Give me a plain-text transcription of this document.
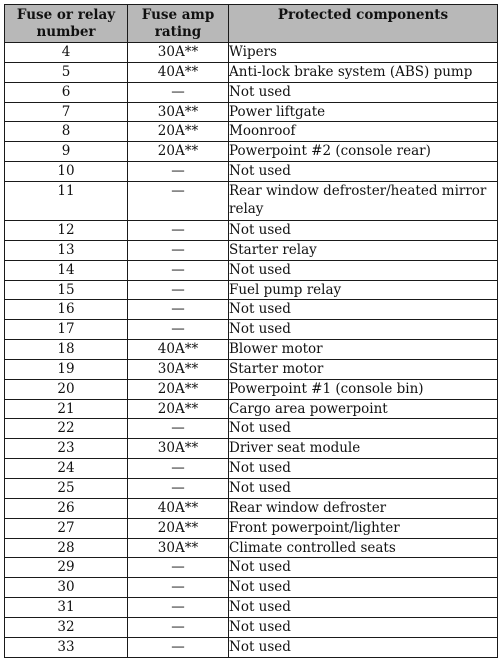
Fuse or relay number	Fuse amp rating	Protected components
4	30A**	Wipers
5	40A**	Anti-lock brake system (ABS) pump
6	—	Not used
7	30A**	Power liftgate
8	20A**	Moonroof
9	20A**	Powerpoint #2 (console rear)
10	—	Not used
11	—	Rear window defroster/heated mirror relay
12	—	Not used
13	—	Starter relay
14	—	Not used
15	—	Fuel pump relay
16	—	Not used
17	—	Not used
18	40A**	Blower motor
19	30A**	Starter motor
20	20A**	Powerpoint #1 (console bin)
21	20A**	Cargo area powerpoint
22	—	Not used
23	30A**	Driver seat module
24	—	Not used
25	—	Not used
26	40A**	Rear window defroster
27	20A**	Front powerpoint/lighter
28	30A**	Climate controlled seats
29	—	Not used
30	—	Not used
31	—	Not used
32	—	Not used
33	—	Not used
